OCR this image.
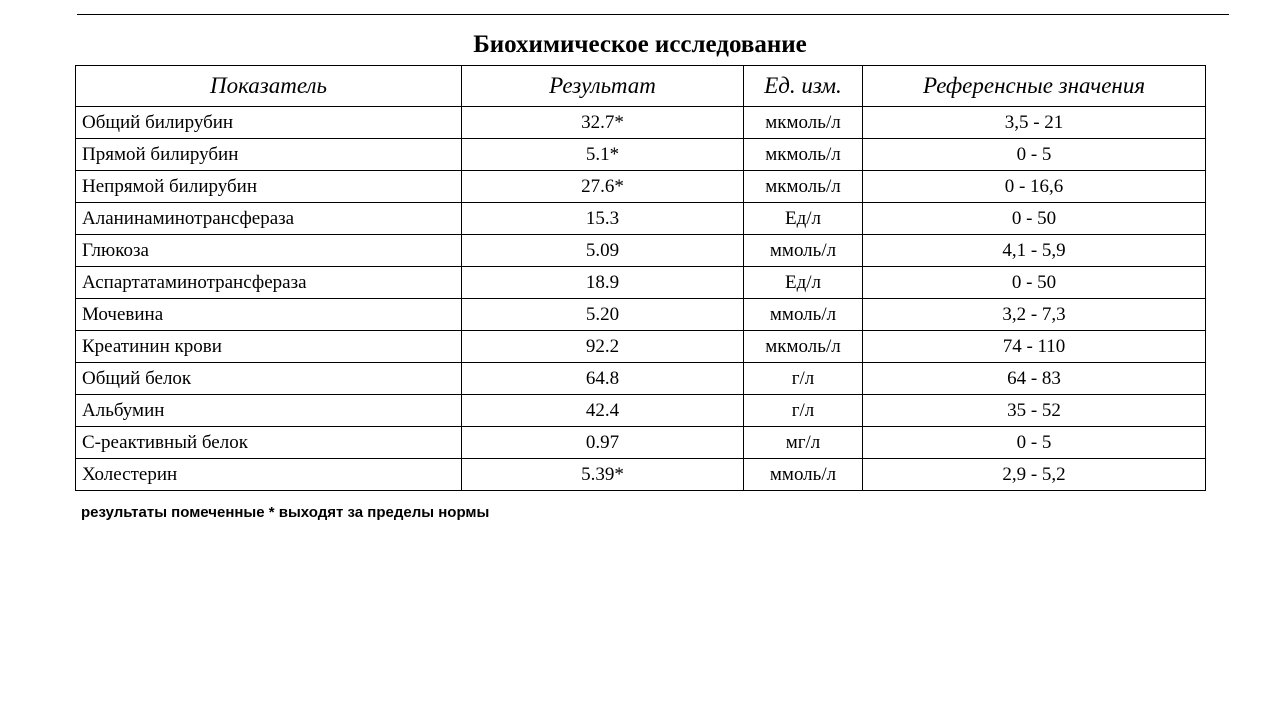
Биохимическое исследование
Показатель	Результат	Ед. изм.	Референсные значения
Общий билирубин	32.7*	мкмоль/л	3,5 - 21
Прямой билирубин	5.1*	мкмоль/л	0 - 5
Непрямой билирубин	27.6*	мкмоль/л	0 - 16,6
Аланинаминотрансфераза	15.3	Ед/л	0 - 50
Глюкоза	5.09	ммоль/л	4,1 - 5,9
Аспартатаминотрансфераза	18.9	Ед/л	0 - 50
Мочевина	5.20	ммоль/л	3,2 - 7,3
Креатинин крови	92.2	мкмоль/л	74 - 110
Общий белок	64.8	г/л	64 - 83
Альбумин	42.4	г/л	35 - 52
С-реактивный белок	0.97	мг/л	0 - 5
Холестерин	5.39*	ммоль/л	2,9 - 5,2
результаты помеченные * выходят за пределы нормы
